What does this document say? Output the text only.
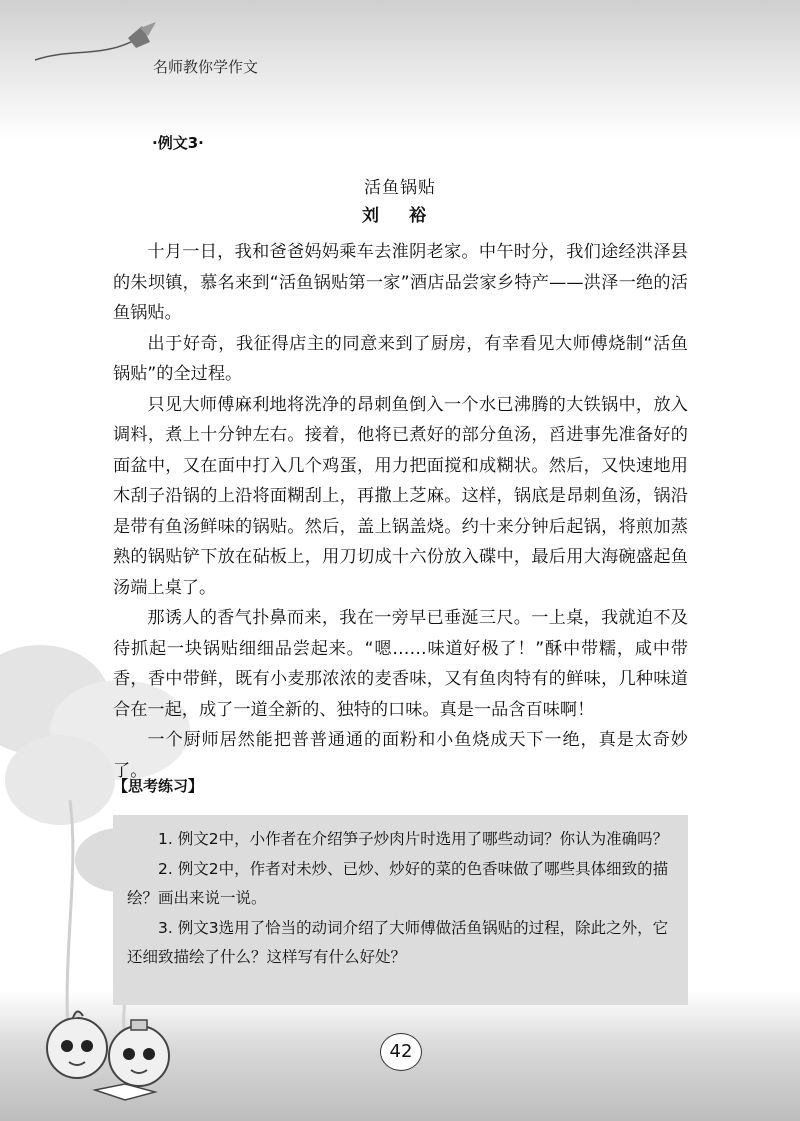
名师教你学作文
·例文3·
活鱼锅贴
刘 裕

十月一日，我和爸爸妈妈乘车去淮阴老家。中午时分，我们途经洪泽县的朱坝镇，慕名来到“活鱼锅贴第一家”酒店品尝家乡特产——洪泽一绝的活鱼锅贴。

出于好奇，我征得店主的同意来到了厨房，有幸看见大师傅烧制“活鱼锅贴”的全过程。

只见大师傅麻利地将洗净的昂刺鱼倒入一个水已沸腾的大铁锅中，放入调料，煮上十分钟左右。接着，他将已煮好的部分鱼汤，舀进事先准备好的面盆中，又在面中打入几个鸡蛋，用力把面搅和成糊状。然后，又快速地用木刮子沿锅的上沿将面糊刮上，再撒上芝麻。这样，锅底是昂刺鱼汤，锅沿是带有鱼汤鲜味的锅贴。然后，盖上锅盖烧。约十来分钟后起锅，将煎加蒸熟的锅贴铲下放在砧板上，用刀切成十六份放入碟中，最后用大海碗盛起鱼汤端上桌了。

那诱人的香气扑鼻而来，我在一旁早已垂涎三尺。一上桌，我就迫不及待抓起一块锅贴细细品尝起来。“嗯……味道好极了！”酥中带糯，咸中带香，香中带鲜，既有小麦那浓浓的麦香味，又有鱼肉特有的鲜味，几种味道合在一起，成了一道全新的、独特的口味。真是一品含百味啊！

一个厨师居然能把普普通通的面粉和小鱼烧成天下一绝，真是太奇妙了。

【思考练习】

1. 例文2中，小作者在介绍笋子炒肉片时选用了哪些动词？你认为准确吗？

2. 例文2中，作者对未炒、已炒、炒好的菜的色香味做了哪些具体细致的描绘？画出来说一说。

3. 例文3选用了恰当的动词介绍了大师傅做活鱼锅贴的过程，除此之外，它还细致描绘了什么？这样写有什么好处？

42
